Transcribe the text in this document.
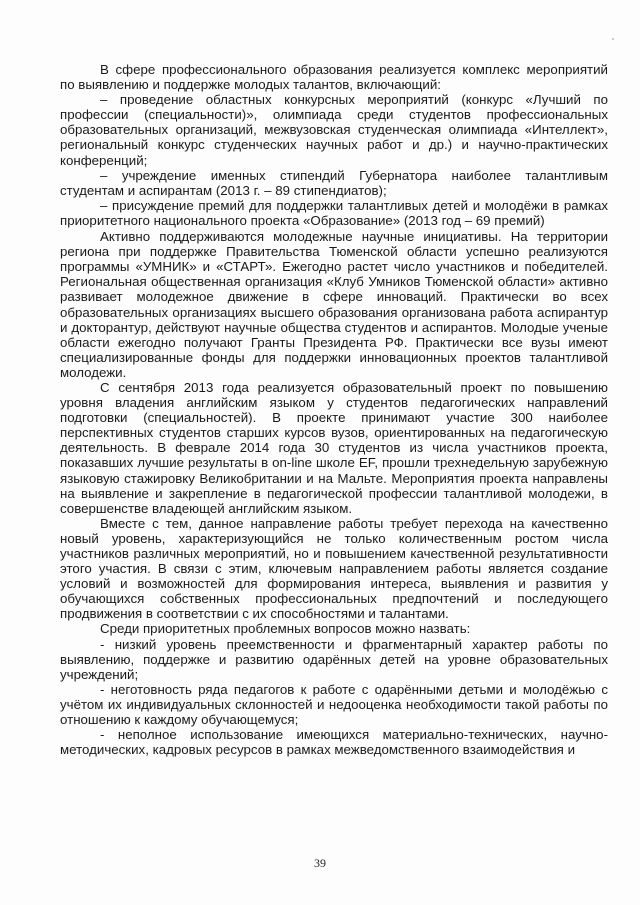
В сфере профессионального образования реализуется комплекс мероприятий по выявлению и поддержке молодых талантов, включающий:

– проведение областных конкурсных мероприятий (конкурс «Лучший по профессии (специальности)», олимпиада среди студентов профессиональных образовательных организаций, межвузовская студенческая олимпиада «Интеллект», региональный конкурс студенческих научных работ и др.) и научно-практических конференций;

– учреждение именных стипендий Губернатора наиболее талантливым студентам и аспирантам (2013 г. – 89 стипендиатов);

– присуждение премий для поддержки талантливых детей и молодёжи в рамках приоритетного национального проекта «Образование» (2013 год – 69 премий)

Активно поддерживаются молодежные научные инициативы. На территории региона при поддержке Правительства Тюменской области успешно реализуются программы «УМНИК» и «СТАРТ». Ежегодно растет число участников и победителей. Региональная общественная организация «Клуб Умников Тюменской области» активно развивает молодежное движение в сфере инноваций. Практически во всех образовательных организациях высшего образования организована работа аспирантур и докторантур, действуют научные общества студентов и аспирантов. Молодые ученые области ежегодно получают Гранты Президента РФ. Практически все вузы имеют специализированные фонды для поддержки инновационных проектов талантливой молодежи.

С сентября 2013 года реализуется образовательный проект по повышению уровня владения английским языком у студентов педагогических направлений подготовки (специальностей). В проекте принимают участие 300 наиболее перспективных студентов старших курсов вузов, ориентированных на педагогическую деятельность. В феврале 2014 года 30 студентов из числа участников проекта, показавших лучшие результаты в on-line школе EF, прошли трехнедельную зарубежную языковую стажировку Великобритании и на Мальте. Мероприятия проекта направлены на выявление и закрепление в педагогической профессии талантливой молодежи, в совершенстве владеющей английским языком.

Вместе с тем, данное направление работы требует перехода на качественно новый уровень, характеризующийся не только количественным ростом числа участников различных мероприятий, но и повышением качественной результативности этого участия. В связи с этим, ключевым направлением работы является создание условий и возможностей для формирования интереса, выявления и развития у обучающихся собственных профессиональных предпочтений и последующего продвижения в соответствии с их способностями и талантами.

Среди приоритетных проблемных вопросов можно назвать:

- низкий уровень преемственности и фрагментарный характер работы по выявлению, поддержке и развитию одарённых детей на уровне образовательных учреждений;

- неготовность ряда педагогов к работе с одарёнными детьми и молодёжью с учётом их индивидуальных склонностей и недооценка необходимости такой работы по отношению к каждому обучающемуся;

- неполное использование имеющихся материально-технических, научно-методических, кадровых ресурсов в рамках межведомственного взаимодействия и

39
